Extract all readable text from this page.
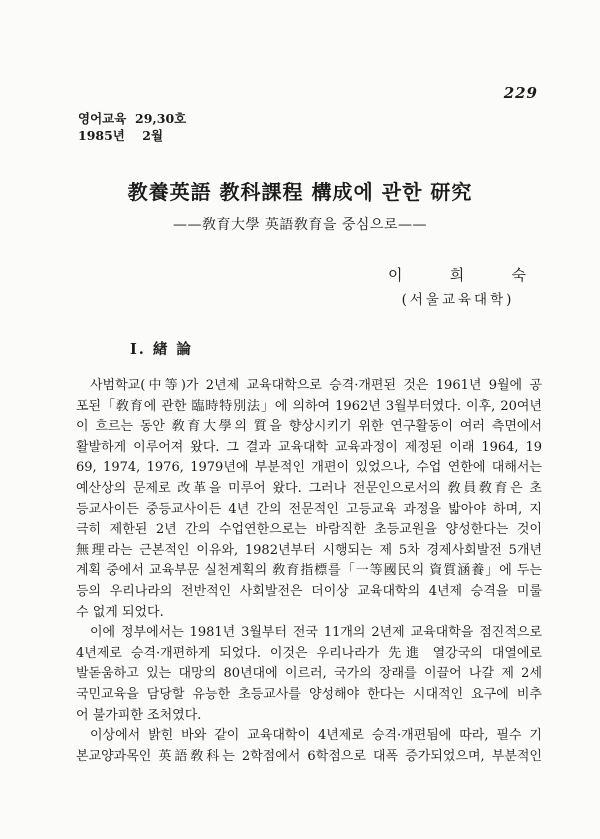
229
영어교육  29,30호
1985년    2월
教養英語 教科課程 構成에 관한 研究
——敎育大學 英語敎育을 중심으로——
이	희	숙
(서울교육대학)
Ⅰ. 緖 論
사범학교(中等)가 2년제 교육대학으로 승격·개편된 것은 1961년 9월에 공
포된「敎育에 관한 臨時特別法」에 의하여 1962년 3월부터였다. 이후, 20여년
이 흐르는 동안 敎育大學의 質을 향상시키기 위한 연구활동이 여러 측면에서
활발하게 이루어져 왔다. 그 결과 교육대학 교육과정이 제정된 이래 1964, 19
69, 1974, 1976, 1979년에 부분적인 개편이 있었으나, 수업 연한에 대해서는
예산상의 문제로 改革을 미루어 왔다. 그러나 전문인으로서의 敎員敎育은 초
등교사이든 중등교사이든 4년 간의 전문적인 고등교육 과정을 밟아야 하며, 지
극히 제한된 2년 간의 수업연한으로는 바람직한 초등교원을 양성한다는 것이
無理라는 근본적인 이유와, 1982년부터 시행되는 제 5차 경제사회발전 5개년
계획 중에서 교육부문 실천계획의 敎育指標를「一等國民의 資質涵養」에 두는
등의 우리나라의 전반적인 사회발전은 더이상 교육대학의 4년제 승격을 미룰
수 없게 되었다.
이에 정부에서는 1981년 3월부터 전국 11개의 2년제 교육대학을 점진적으로
4년제로 승격·개편하게 되었다. 이것은 우리나라가 先進 열강국의 대열에로
발돋움하고 있는 대망의 80년대에 이르러, 국가의 장래를 이끌어 나갈 제 2세
국민교육을 담당할 유능한 초등교사를 양성해야 한다는 시대적인 요구에 비추
어 불가피한 조처였다.
이상에서 밝힌 바와 같이 교육대학이 4년제로 승격·개편됨에 따라, 필수 기
본교양과목인 英語敎科는 2학점에서 6학점으로 대폭 증가되었으며, 부분적인
